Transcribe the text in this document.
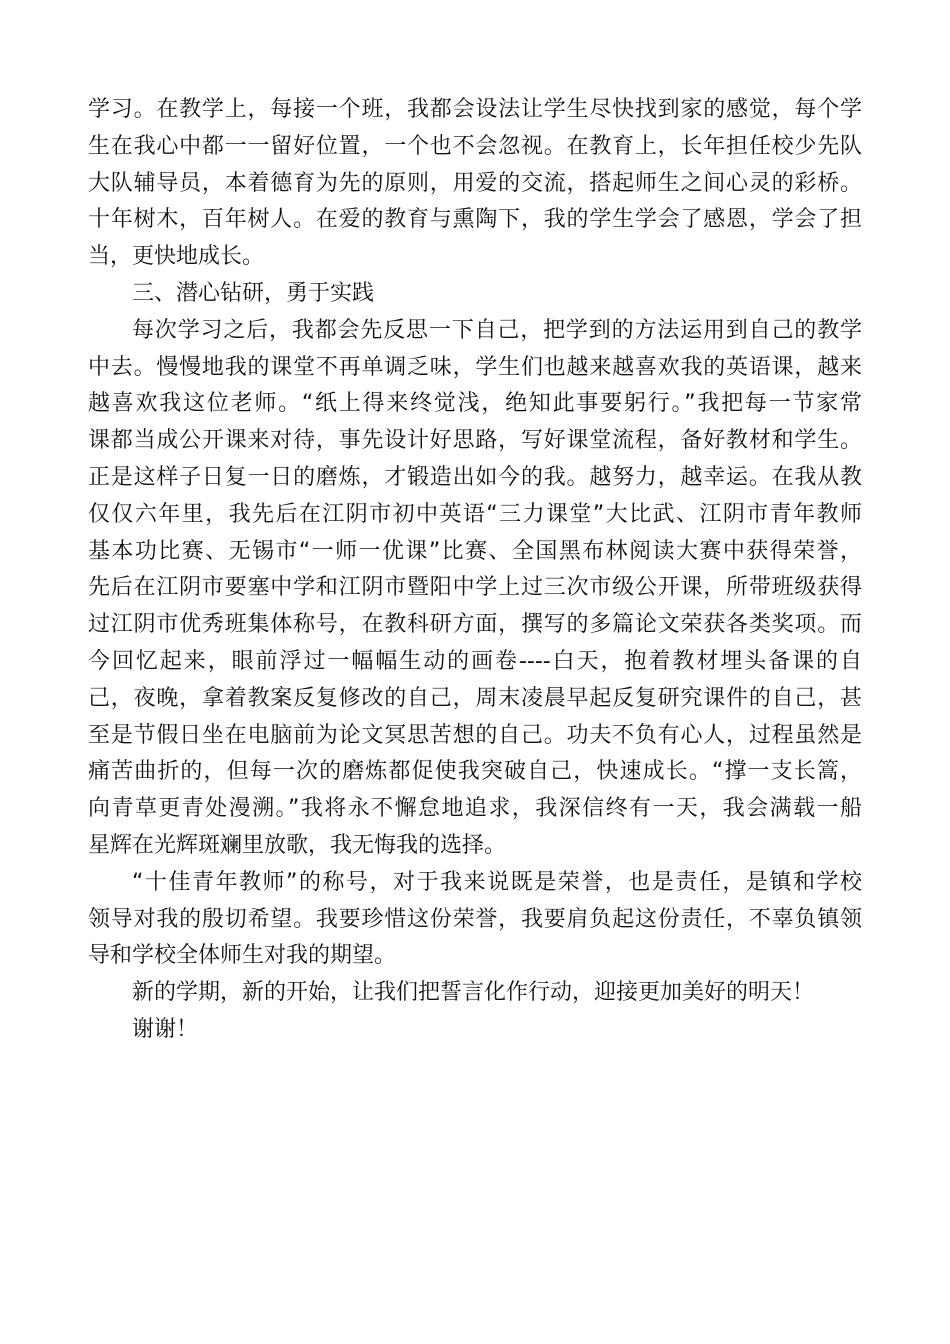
学习。在教学上，每接一个班，我都会设法让学生尽快找到家的感觉，每个学
生在我心中都一一留好位置，一个也不会忽视。在教育上，长年担任校少先队
大队辅导员，本着德育为先的原则，用爱的交流，搭起师生之间心灵的彩桥。
十年树木，百年树人。在爱的教育与熏陶下，我的学生学会了感恩，学会了担
当，更快地成长。
三、潜心钻研，勇于实践
每次学习之后，我都会先反思一下自己，把学到的方法运用到自己的教学
中去。慢慢地我的课堂不再单调乏味，学生们也越来越喜欢我的英语课，越来
越喜欢我这位老师。“纸上得来终觉浅，绝知此事要躬行。”我把每一节家常
课都当成公开课来对待，事先设计好思路，写好课堂流程，备好教材和学生。
正是这样子日复一日的磨炼，才锻造出如今的我。越努力，越幸运。在我从教
仅仅六年里，我先后在江阴市初中英语“三力课堂”大比武、江阴市青年教师
基本功比赛、无锡市“一师一优课”比赛、全国黑布林阅读大赛中获得荣誉，
先后在江阴市要塞中学和江阴市暨阳中学上过三次市级公开课，所带班级获得
过江阴市优秀班集体称号，在教科研方面，撰写的多篇论文荣获各类奖项。而
今回忆起来，眼前浮过一幅幅生动的画卷----白天，抱着教材埋头备课的自
己，夜晚，拿着教案反复修改的自己，周末凌晨早起反复研究课件的自己，甚
至是节假日坐在电脑前为论文冥思苦想的自己。功夫不负有心人，过程虽然是
痛苦曲折的，但每一次的磨炼都促使我突破自己，快速成长。“撑一支长篙，
向青草更青处漫溯。”我将永不懈怠地追求，我深信终有一天，我会满载一船
星辉在光辉斑斓里放歌，我无悔我的选择。
“十佳青年教师”的称号，对于我来说既是荣誉，也是责任，是镇和学校
领导对我的殷切希望。我要珍惜这份荣誉，我要肩负起这份责任，不辜负镇领
导和学校全体师生对我的期望。
新的学期，新的开始，让我们把誓言化作行动，迎接更加美好的明天！
谢谢！
